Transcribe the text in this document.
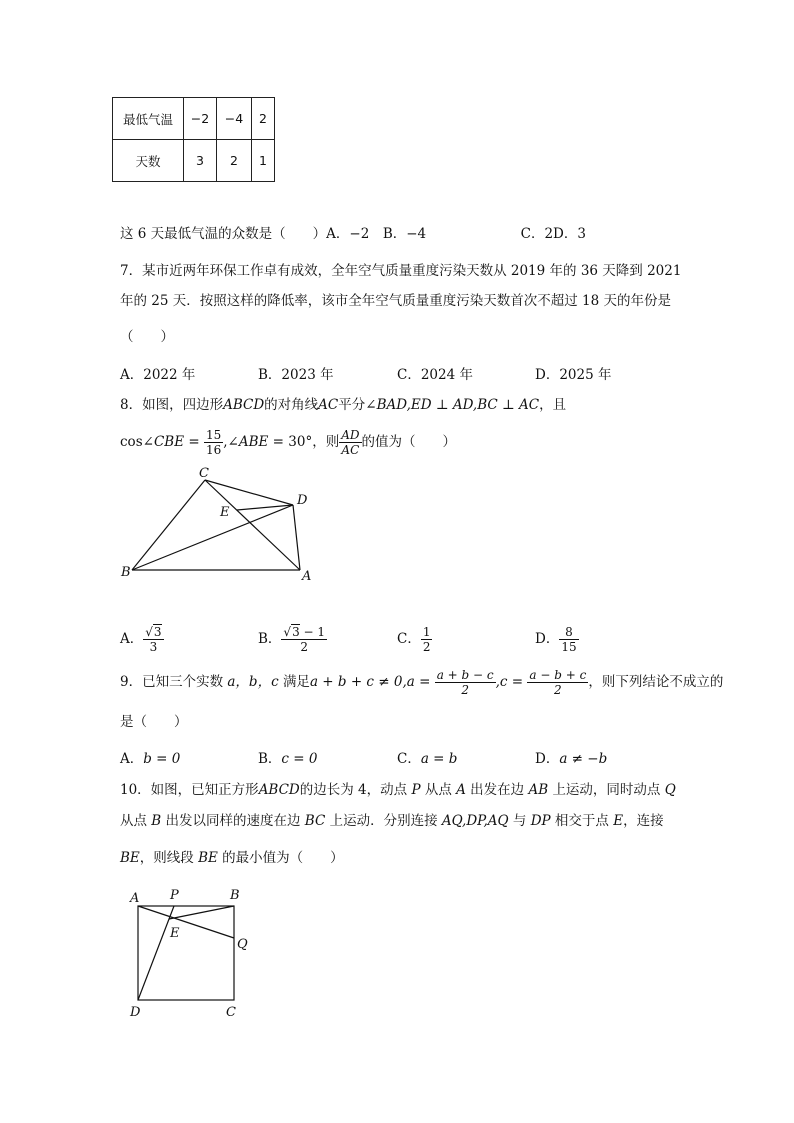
最低气温	−2	−4	2
天数	3	2	1
这 6 天最低气温的众数是（　　）A．−2　B．−4　　　　　　　C．2D．3
7．某市近两年环保工作卓有成效，全年空气质量重度污染天数从 2019 年的 36 天降到 2021
年的 25 天．按照这样的降低率，该市全年空气质量重度污染天数首次不超过 18 天的年份是
（　　）
A．2022 年	B．2023 年	C．2024 年	D．2025 年
8．如图，四边形ABCD的对角线AC平分∠BAD,ED ⊥ AD,BC ⊥ AC，且
cos∠CBE = $\frac{15}{16}$ ,∠ABE = 30°，则 $\frac{AD}{AC}$ 的值为（　　）
C
D
E
B	A
A． $\frac{√3}{3}$	B． $\frac{√3 - 1}{2}$	C． $\frac{1}{2}$	D． $\frac{8}{15}$
9．已知三个实数 a，b，c 满足$a + b + c \ne 0,a = \frac{a + b - c}{2} ,c = \frac{a - b + c}{2}$ ，则下列结论不成立的
是（　　）
A．b = 0	B．c = 0	C．a = b	D．a ≠ −b
10．如图，已知正方形ABCD的边长为 4，动点 P 从点 A 出发在边 AB 上运动，同时动点 Q
从点 B 出发以同样的速度在边 BC 上运动．分别连接 AQ,DP,AQ 与 DP 相交于点 E，连接
BE，则线段 BE 的最小值为（　　）
A P	B
E
Q
D	C
